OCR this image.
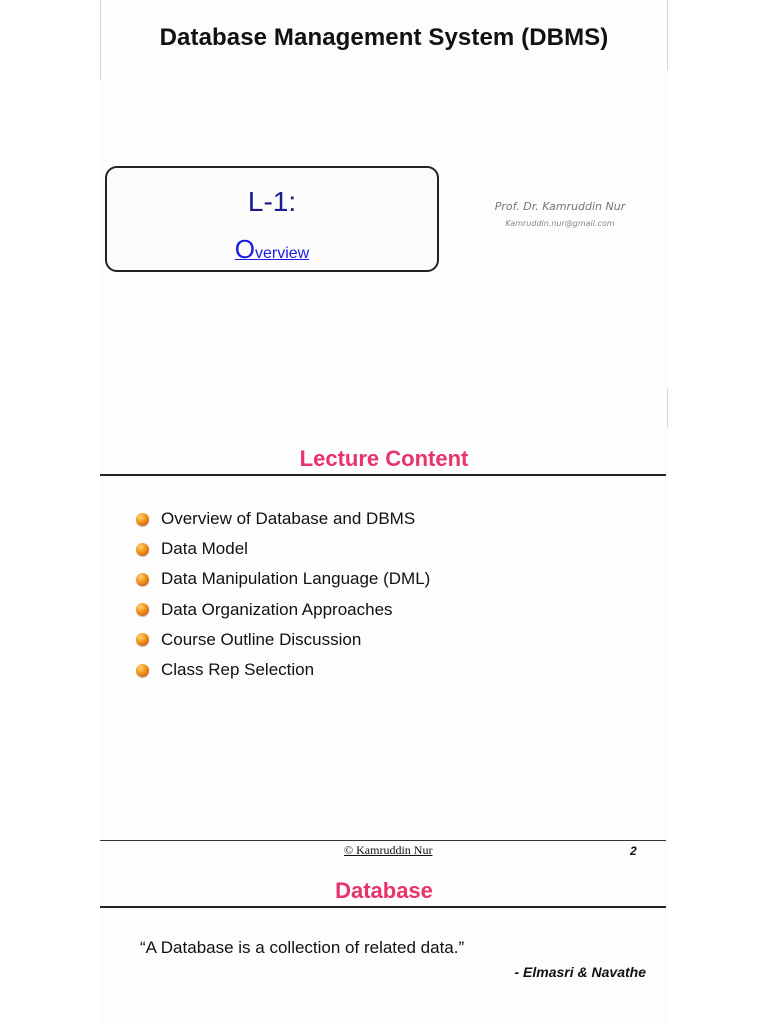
Database Management System (DBMS)
L-1:
Overview
Prof. Dr. Kamruddin Nur
Kamruddin.nur@gmail.com
Lecture Content
Overview of Database and DBMS
Data Model
Data Manipulation Language (DML)
Data Organization Approaches
Course Outline Discussion
Class Rep Selection
© Kamruddin Nur	2
Database
“A Database is a collection of related data.”
- Elmasri & Navathe
